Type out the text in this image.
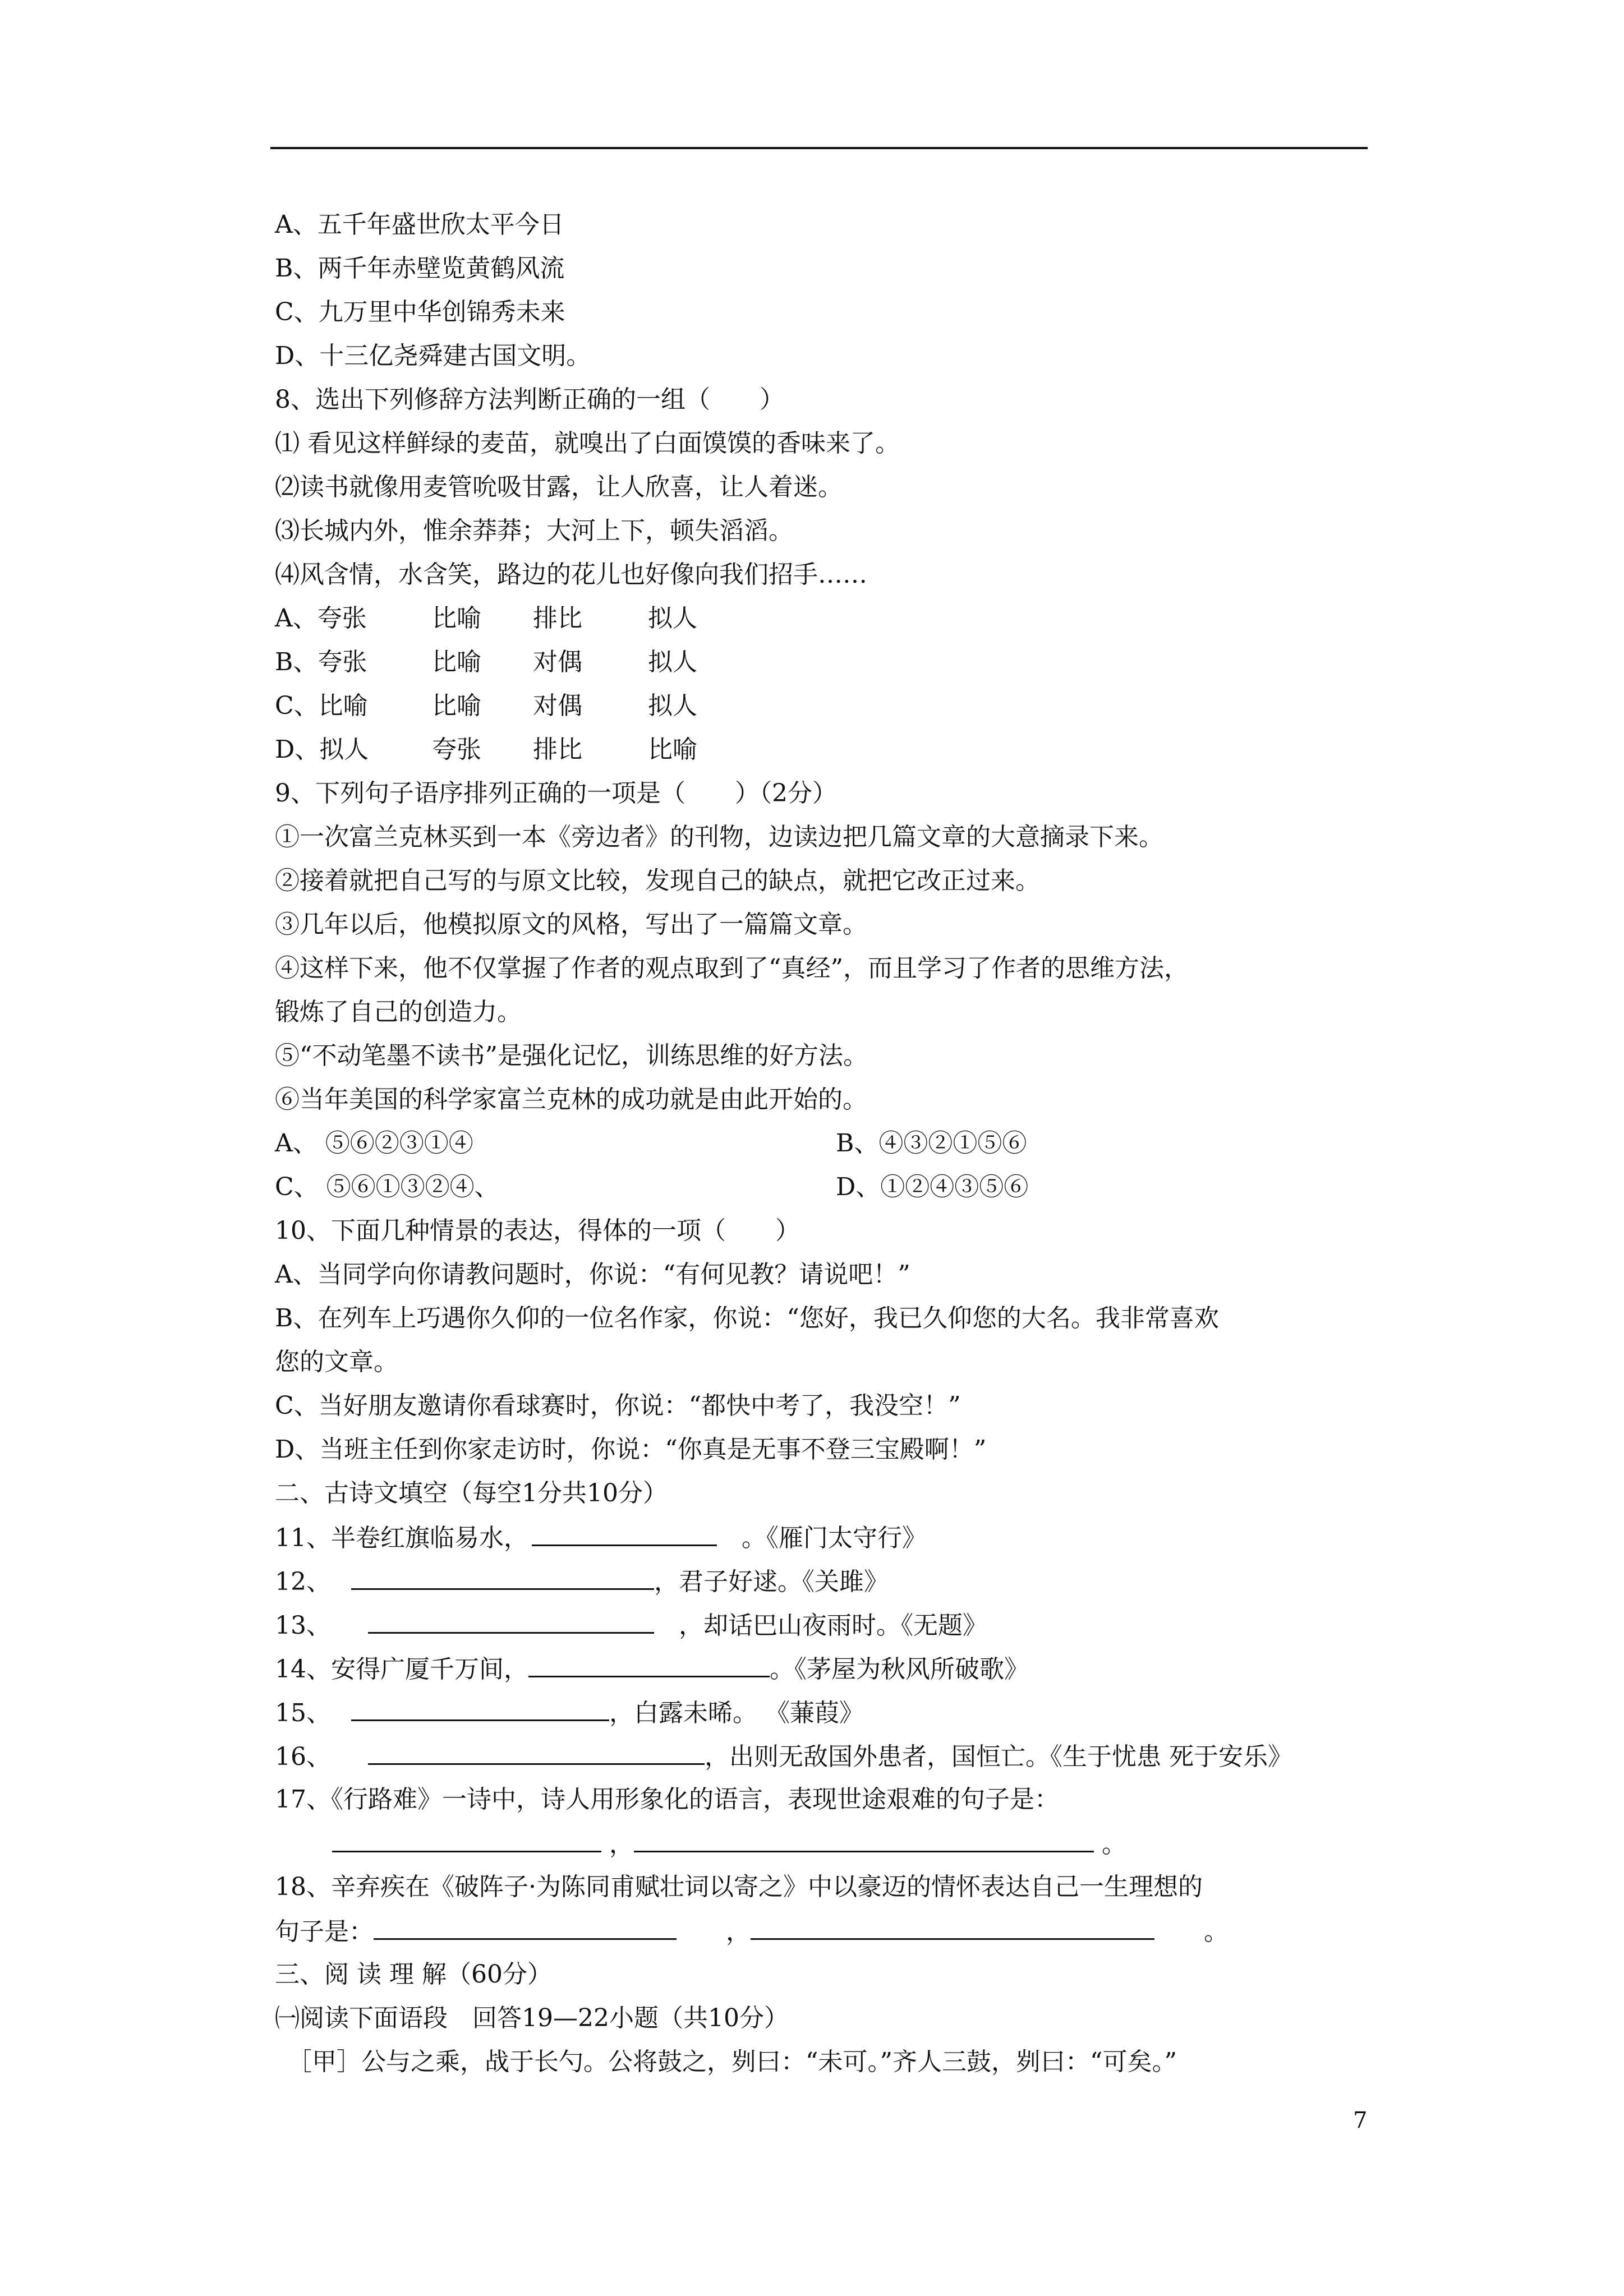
A、五千年盛世欣太平今日
B、两千年赤壁览黄鹤风流
C、九万里中华创锦秀未来
D、十三亿尧舜建古国文明。
8、选出下列修辞方法判断正确的一组（　　）
⑴ 看见这样鲜绿的麦苗，就嗅出了白面馍馍的香味来了。
⑵读书就像用麦管吮吸甘露，让人欣喜，让人着迷。
⑶长城内外，惟余莽莽；大河上下，顿失滔滔。
⑷风含情，水含笑，路边的花儿也好像向我们招手……
A、夸张	比喻	排比	拟人
B、夸张	比喻	对偶	拟人
C、比喻	比喻	对偶	拟人
D、拟人	夸张	排比	比喻
9、下列句子语序排列正确的一项是（　　）（2分）
①一次富兰克林买到一本《旁边者》的刊物，边读边把几篇文章的大意摘录下来。
②接着就把自己写的与原文比较，发现自己的缺点，就把它改正过来。
③几年以后，他模拟原文的风格，写出了一篇篇文章。
④这样下来，他不仅掌握了作者的观点取到了“真经”，而且学习了作者的思维方法，
锻炼了自己的创造力。
⑤“不动笔墨不读书”是强化记忆，训练思维的好方法。
⑥当年美国的科学家富兰克林的成功就是由此开始的。
A、 ⑤⑥②③①④	B、④③②①⑤⑥
C、 ⑤⑥①③②④、	D、①②④③⑤⑥
10、下面几种情景的表达，得体的一项（　　）
A、当同学向你请教问题时，你说：“有何见教？请说吧！”
B、在列车上巧遇你久仰的一位名作家，你说：“您好，我已久仰您的大名。我非常喜欢
您的文章。
C、当好朋友邀请你看球赛时，你说：“都快中考了，我没空！”
D、当班主任到你家走访时，你说：“你真是无事不登三宝殿啊！”
二、古诗文填空（每空1分共10分）
11、半卷红旗临易水，　	。《雁门太守行》
12、　	，君子好逑。《关雎》
13、　　　	，却话巴山夜雨时。《无题》
14、安得广厦千万间，	。《茅屋为秋风所破歌》
15、　	，白露未晞。 《蒹葭》
16、　　	，出则无敌国外患者，国恒亡。《生于忧患 死于安乐》
17、《行路难》一诗中，诗人用形象化的语言，表现世途艰难的句子是：
　　  ，	。
18、辛弃疾在《破阵子·为陈同甫赋壮词以寄之》中以豪迈的情怀表达自己一生理想的
句子是：　　	，　　	。
三、阅 读 理 解（60分）
㈠阅读下面语段　回答19—22小题（共10分）
　［甲］公与之乘，战于长勺。公将鼓之，刿曰：“未可。”齐人三鼓，刿曰：“可矣。”
7
